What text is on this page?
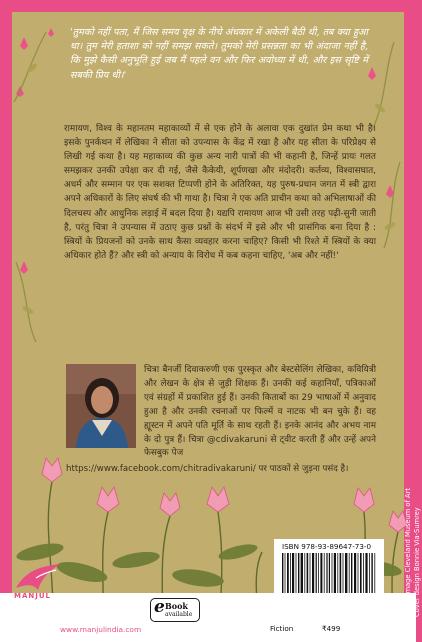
'तुमको नहीं पता, मैं जिस समय वृक्ष के नीचे अंधकार में अकेली बैठी थी, तब क्या हुआ था। तुम मेरी हताशा को नहीं समझ सकते। तुमको मेरी प्रसन्नता का भी अंदाजा नहीं है, कि मुझे कैसी अनुभूति हुई जब मैं पहले वन और फिर अयोध्या में थी, और इस सृष्टि में सबकी प्रिय थी।'

रामायण, विश्व के महानतम महाकाव्यों में से एक होने के अलावा एक दुखांत प्रेम कथा भी है। इसके पुनर्कथन में लेखिका ने सीता को उपन्यास के केंद्र में रखा है और यह सीता के परिप्रेक्ष्य से लिखी गई कथा है। यह महाकाव्य की कुछ अन्य नारी पात्रों की भी कहानी है, जिन्हें प्रायः गलत समझकर उनकी उपेक्षा कर दी गई, जैसे कैकेयी, शूर्पणखा और मंदोदरी। कर्तव्य, विश्वासघात, अधर्म और सम्मान पर एक सशक्त टिप्पणी होने के अतिरिक्त, यह पुरुष-प्रधान जगत में स्त्री द्वारा अपने अधिकारों के लिए संघर्ष की भी गाथा है। चित्रा ने एक अति प्राचीन कथा को अभिलाषाओं की दिलचस्प और आधुनिक लड़ाई में बदल दिया है। यद्यपि रामायण आज भी उसी तरह पढ़ी-सुनी जाती है, परंतु चित्रा ने उपन्यास में उठाए कुछ प्रश्नों के संदर्भ में इसे और भी प्रासंगिक बना दिया है : स्त्रियों के प्रियजनों को उनके साथ कैसा व्यवहार करना चाहिए? किसी भी रिश्ते में स्त्रियों के क्या अधिकार होते हैं? और स्त्री को अन्याय के विरोध में कब कहना चाहिए, 'अब और नहीं!'

चित्रा बैनर्जी दिवाकरुणी एक पुरस्कृत और बेस्टसेलिंग लेखिका, कवियित्री और लेखन के क्षेत्र से जुड़ी शिक्षक हैं। उनकी कई कहानियाँ, पत्रिकाओं एवं संग्रहों में प्रकाशित हुई हैं। उनकी किताबों का 29 भाषाओं में अनुवाद हुआ है और उनकी रचनाओं पर फिल्में व नाटक भी बन चुके हैं। वह ह्यूस्टन में अपने पति मूर्ति के साथ रहती हैं। इनके आनंद और अभय नाम के दो पुत्र हैं। चित्रा @cdivakaruni से ट्वीट करती हैं और उन्हें अपने फेसबुक पेज
https://www.facebook.com/chitradivakaruni/ पर पाठकों से जुड़ना पसंद है।

ISBN 978-93-89647-73-0
MANJUL
www.manjulindia.com
e Book
available
Fiction	₹499
Cover image Cleveland Museum of Art Cover design Bonnie Via-Sumrey
